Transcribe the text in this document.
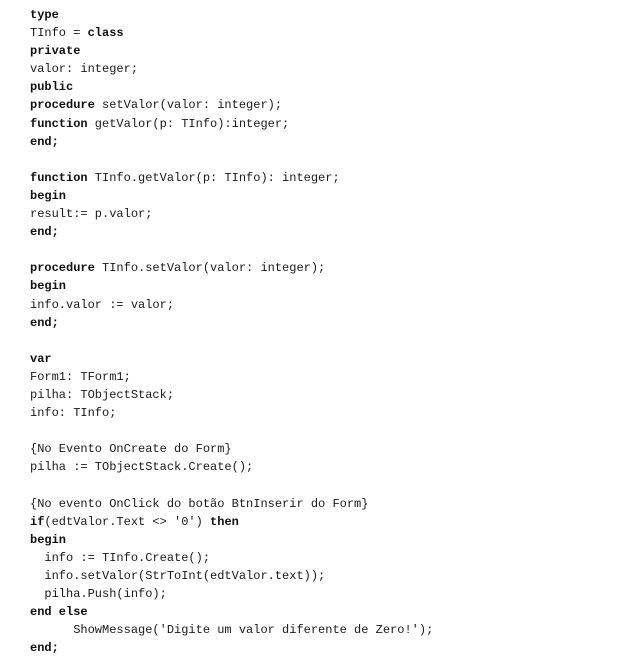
type
TInfo = class
private
valor: integer;
public
procedure setValor(valor: integer);
function getValor(p: TInfo):integer;
end;

function TInfo.getValor(p: TInfo): integer;
begin
result:= p.valor;
end;

procedure TInfo.setValor(valor: integer);
begin
info.valor := valor;
end;

var
Form1: TForm1;
pilha: TObjectStack;
info: TInfo;

{No Evento OnCreate do Form}
pilha := TObjectStack.Create();

{No evento OnClick do botão BtnInserir do Form}
if(edtValor.Text <> '0') then
begin
info := TInfo.Create();
info.setValor(StrToInt(edtValor.text));
pilha.Push(info);
end else
ShowMessage('Digite um valor diferente de Zero!');
end;
